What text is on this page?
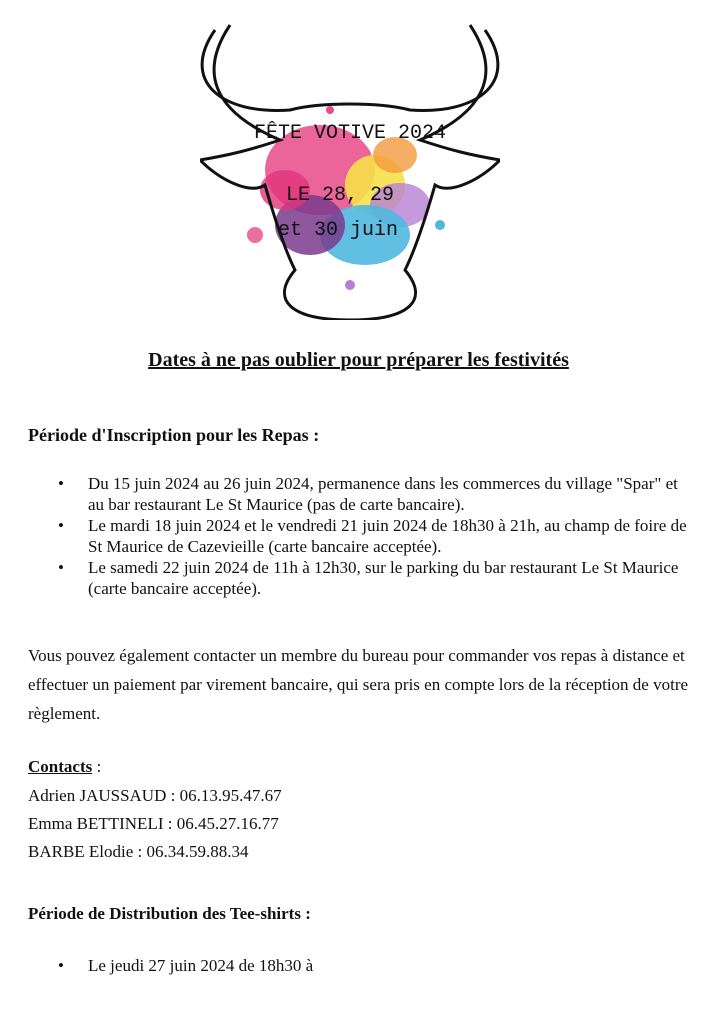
FÊTE VOTIVE 2024
LE 28, 29
et 30 juin
Dates à ne pas oublier pour préparer les festivités
Période d'Inscription pour les Repas :
• Du 15 juin 2024 au 26 juin 2024, permanence dans les commerces du village "Spar" et au bar restaurant Le St Maurice (pas de carte bancaire).
• Le mardi 18 juin 2024 et le vendredi 21 juin 2024 de 18h30 à 21h, au champ de foire de St Maurice de Cazevieille (carte bancaire acceptée).
• Le samedi 22 juin 2024 de 11h à 12h30, sur le parking du bar restaurant Le St Maurice (carte bancaire acceptée).
Vous pouvez également contacter un membre du bureau pour commander vos repas à distance et effectuer un paiement par virement bancaire, qui sera pris en compte lors de la réception de votre règlement.
Contacts :
Adrien JAUSSAUD : 06.13.95.47.67
Emma BETTINELI : 06.45.27.16.77
BARBE Elodie : 06.34.59.88.34
Période de Distribution des Tee-shirts :
• Le jeudi 27 juin 2024 de 18h30 à
